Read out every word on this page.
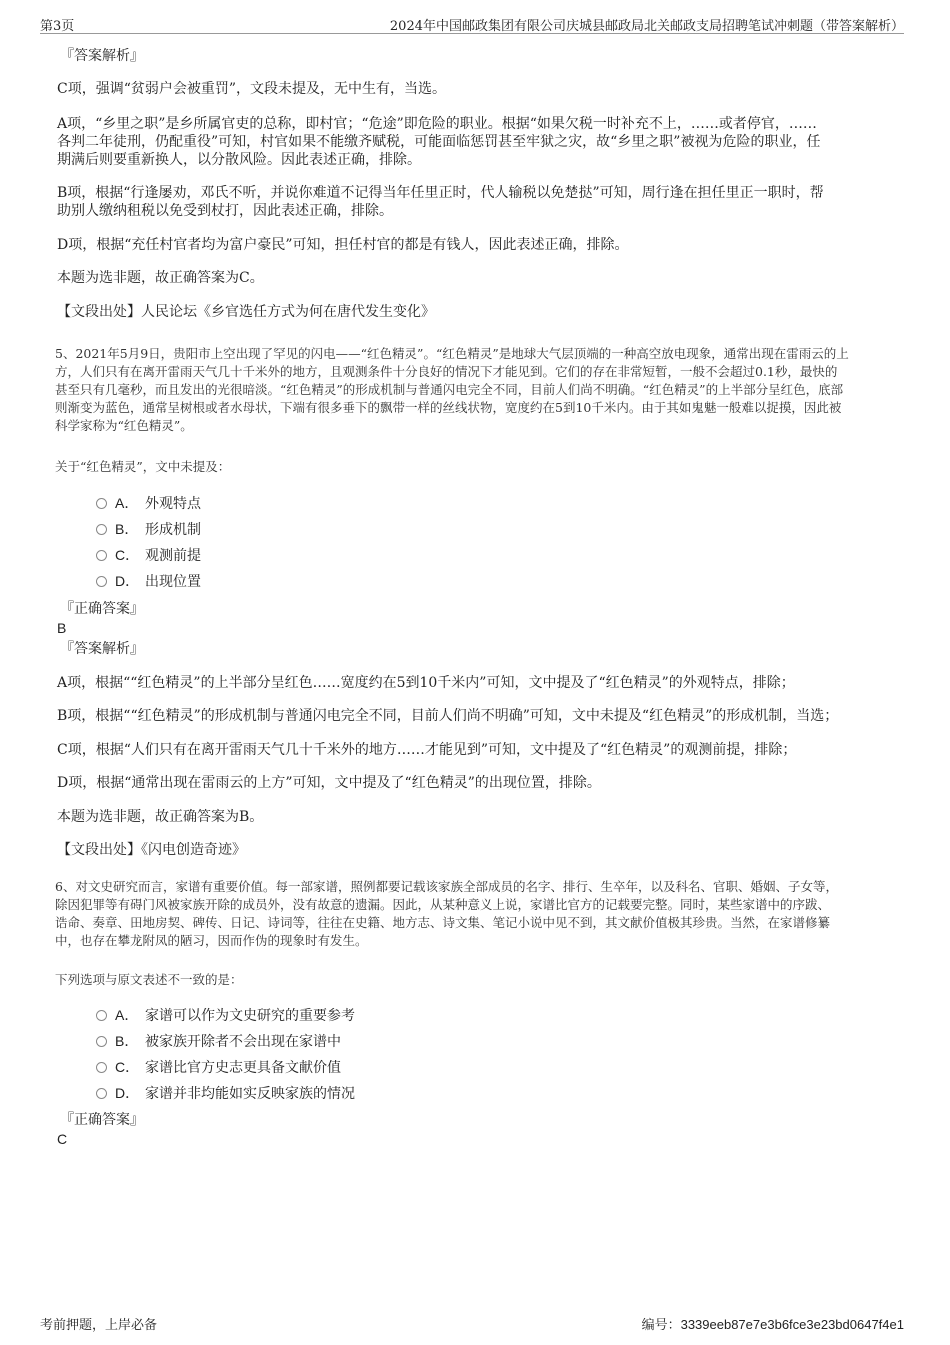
第3页	2024年中国邮政集团有限公司庆城县邮政局北关邮政支局招聘笔试冲刺题（带答案解析）
『答案解析』
C项，强调“贫弱户会被重罚”，文段未提及，无中生有，当选。
A项，“乡里之职”是乡所属官吏的总称，即村官；“危途”即危险的职业。根据“如果欠税一时补充不上，……或者停官，……
各判二年徒刑，仍配重役”可知，村官如果不能缴齐赋税，可能面临惩罚甚至牢狱之灾，故“乡里之职”被视为危险的职业，任
期满后则要重新换人，以分散风险。因此表述正确，排除。
B项，根据“行逢屡劝，邓氏不听，并说你难道不记得当年任里正时，代人输税以免楚挞”可知，周行逢在担任里正一职时，帮
助别人缴纳租税以免受到杖打，因此表述正确，排除。
D项，根据“充任村官者均为富户豪民”可知，担任村官的都是有钱人，因此表述正确，排除。
本题为选非题，故正确答案为C。
【文段出处】人民论坛《乡官选任方式为何在唐代发生变化》
5、2021年5月9日，贵阳市上空出现了罕见的闪电——“红色精灵”。“红色精灵”是地球大气层顶端的一种高空放电现象，通常出现在雷雨云的上
方，人们只有在离开雷雨天气几十千米外的地方，且观测条件十分良好的情况下才能见到。它们的存在非常短暂，一般不会超过0.1秒，最快的
甚至只有几毫秒，而且发出的光很暗淡。“红色精灵”的形成机制与普通闪电完全不同，目前人们尚不明确。“红色精灵”的上半部分呈红色，底部
则渐变为蓝色，通常呈树根或者水母状，下端有很多垂下的飘带一样的丝线状物，宽度约在5到10千米内。由于其如鬼魅一般难以捉摸，因此被
科学家称为“红色精灵”。
关于“红色精灵”，文中未提及：
A． 外观特点
B． 形成机制
C． 观测前提
D． 出现位置
『正确答案』
B
『答案解析』
A项，根据““红色精灵”的上半部分呈红色……宽度约在5到10千米内”可知，文中提及了“红色精灵”的外观特点，排除；
B项，根据““红色精灵”的形成机制与普通闪电完全不同，目前人们尚不明确”可知，文中未提及“红色精灵”的形成机制，当选；
C项，根据“人们只有在离开雷雨天气几十千米外的地方……才能见到”可知，文中提及了“红色精灵”的观测前提，排除；
D项，根据“通常出现在雷雨云的上方”可知，文中提及了“红色精灵”的出现位置，排除。
本题为选非题，故正确答案为B。
【文段出处】《闪电创造奇迹》
6、对文史研究而言，家谱有重要价值。每一部家谱，照例都要记载该家族全部成员的名字、排行、生卒年，以及科名、官职、婚姻、子女等，
除因犯罪等有碍门风被家族开除的成员外，没有故意的遗漏。因此，从某种意义上说，家谱比官方的记载要完整。同时，某些家谱中的序跋、
诰命、奏章、田地房契、碑传、日记、诗词等，往往在史籍、地方志、诗文集、笔记小说中见不到，其文献价值极其珍贵。当然，在家谱修纂
中，也存在攀龙附凤的陋习，因而作伪的现象时有发生。
下列选项与原文表述不一致的是：
A． 家谱可以作为文史研究的重要参考
B． 被家族开除者不会出现在家谱中
C． 家谱比官方史志更具备文献价值
D． 家谱并非均能如实反映家族的情况
『正确答案』
C
考前押题，上岸必备	编号：3339eeb87e7e3b6fce3e23bd0647f4e1
